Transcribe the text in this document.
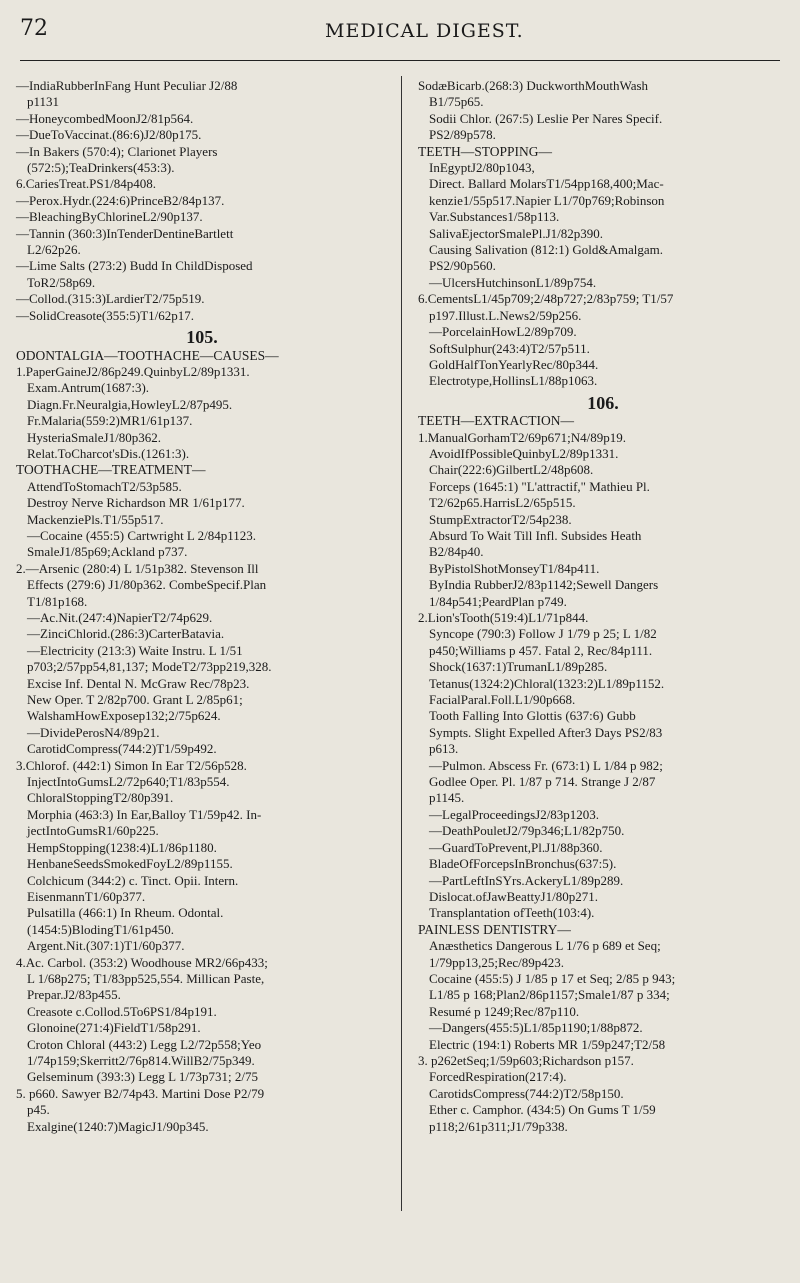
72	MEDICAL DIGEST.
—IndiaRubberInFang Hunt Peculiar J2/88
p1131
—HoneycombedMoonJ2/81p564.
—DueToVaccinat.(86:6)J2/80p175.
—In Bakers (570:4); Clarionet Players
(572:5);TeaDrinkers(453:3).
6.CariesTreat.PS1/84p408.
—Perox.Hydr.(224:6)PrinceB2/84p137.
—BleachingByChlorineL2/90p137.
—Tannin (360:3)InTenderDentineBartlett
L2/62p26.
—Lime Salts (273:2) Budd In ChildDisposed
ToR2/58p69.
—Collod.(315:3)LardierT2/75p519.
—SolidCreasote(355:5)T1/62p17.
105.
ODONTALGIA—TOOTHACHE—CAUSES—
1.PaperGaineJ2/86p249.QuinbyL2/89p1331.
Exam.Antrum(1687:3).
Diagn.Fr.Neuralgia,HowleyL2/87p495.
Fr.Malaria(559:2)MR1/61p137.
HysteriaSmaleJ1/80p362.
Relat.ToCharcot'sDis.(1261:3).
TOOTHACHE—TREATMENT—
AttendToStomachT2/53p585.
Destroy Nerve Richardson MR 1/61p177.
MackenziePls.T1/55p517.
—Cocaine (455:5) Cartwright L 2/84p1123.
SmaleJ1/85p69;Ackland p737.
2.—Arsenic (280:4) L 1/51p382. Stevenson Ill
Effects (279:6) J1/80p362. CombeSpecif.Plan
T1/81p168.
—Ac.Nit.(247:4)NapierT2/74p629.
—ZinciChlorid.(286:3)CarterBatavia.
—Electricity (213:3) Waite Instru. L 1/51
p703;2/57pp54,81,137; ModeT2/73pp219,328.
Excise Inf. Dental N. McGraw Rec/78p23.
New Oper. T 2/82p700. Grant L 2/85p61;
WalshamHowExposep132;2/75p624.
—DividePerosN4/89p21.
CarotidCompress(744:2)T1/59p492.
3.Chlorof. (442:1) Simon In Ear T2/56p528.
InjectIntoGumsL2/72p640;T1/83p554.
ChloralStoppingT2/80p391.
Morphia (463:3) In Ear,Balloy T1/59p42. In-
jectIntoGumsR1/60p225.
HempStopping(1238:4)L1/86p1180.
HenbaneSeedsSmokedFoyL2/89p1155.
Colchicum (344:2) c. Tinct. Opii. Intern.
EisenmannT1/60p377.
Pulsatilla (466:1) In Rheum. Odontal.
(1454:5)BlodingT1/61p450.
Argent.Nit.(307:1)T1/60p377.
4.Ac. Carbol. (353:2) Woodhouse MR2/66p433;
L 1/68p275; T1/83pp525,554. Millican Paste,
Prepar.J2/83p455.
Creasote c.Collod.5To6PS1/84p191.
Glonoine(271:4)FieldT1/58p291.
Croton Chloral (443:2) Legg L2/72p558;Yeo
1/74p159;Skerritt2/76p814.WillB2/75p349.
Gelseminum (393:3) Legg L 1/73p731; 2/75
5. p660. Sawyer B2/74p43. Martini Dose P2/79
p45.
Exalgine(1240:7)MagicJ1/90p345.
SodæBicarb.(268:3) DuckworthMouthWash
B1/75p65.
Sodii Chlor. (267:5) Leslie Per Nares Specif.
PS2/89p578.
TEETH—STOPPING—
InEgyptJ2/80p1043,
Direct. Ballard MolarsT1/54pp168,400;Mac-
kenzie1/55p517.Napier L1/70p769;Robinson
Var.Substances1/58p113.
SalivaEjectorSmalePl.J1/82p390.
Causing Salivation (812:1) Gold&Amalgam.
PS2/90p560.
—UlcersHutchinsonL1/89p754.
6.CementsL1/45p709;2/48p727;2/83p759; T1/57
p197.Illust.L.News2/59p256.
—PorcelainHowL2/89p709.
SoftSulphur(243:4)T2/57p511.
GoldHalfTonYearlyRec/80p344.
Electrotype,HollinsL1/88p1063.
106.
TEETH—EXTRACTION—
1.ManualGorhamT2/69p671;N4/89p19.
AvoidIfPossibleQuinbyL2/89p1331.
Chair(222:6)GilbertL2/48p608.
Forceps (1645:1) "L'attractif," Mathieu Pl.
T2/62p65.HarrisL2/65p515.
StumpExtractorT2/54p238.
Absurd To Wait Till Infl. Subsides Heath
B2/84p40.
ByPistolShotMonseyT1/84p411.
ByIndia RubberJ2/83p1142;Sewell Dangers
1/84p541;PeardPlan p749.
2.Lion'sTooth(519:4)L1/71p844.
Syncope (790:3) Follow J 1/79 p 25; L 1/82
p450;Williams p 457. Fatal 2, Rec/84p111.
Shock(1637:1)TrumanL1/89p285.
Tetanus(1324:2)Chloral(1323:2)L1/89p1152.
FacialParal.Foll.L1/90p668.
Tooth Falling Into Glottis (637:6) Gubb
Sympts. Slight Expelled After3 Days PS2/83
p613.
—Pulmon. Abscess Fr. (673:1) L 1/84 p 982;
Godlee Oper. Pl. 1/87 p 714. Strange J 2/87
p1145.
—LegalProceedingsJ2/83p1203.
—DeathPouletJ2/79p346;L1/82p750.
—GuardToPrevent,Pl.J1/88p360.
BladeOfForcepsInBronchus(637:5).
—PartLeftInSYrs.AckeryL1/89p289.
Dislocat.ofJawBeattyJ1/80p271.
Transplantation ofTeeth(103:4).
PAINLESS DENTISTRY—
Anæsthetics Dangerous L 1/76 p 689 et Seq;
1/79pp13,25;Rec/89p423.
Cocaine (455:5) J 1/85 p 17 et Seq; 2/85 p 943;
L1/85 p 168;Plan2/86p1157;Smale1/87 p 334;
Resumé p 1249;Rec/87p110.
—Dangers(455:5)L1/85p1190;1/88p872.
Electric (194:1) Roberts MR 1/59p247;T2/58
3. p262etSeq;1/59p603;Richardson p157.
ForcedRespiration(217:4).
CarotidsCompress(744:2)T2/58p150.
Ether c. Camphor. (434:5) On Gums T 1/59
p118;2/61p311;J1/79p338.
